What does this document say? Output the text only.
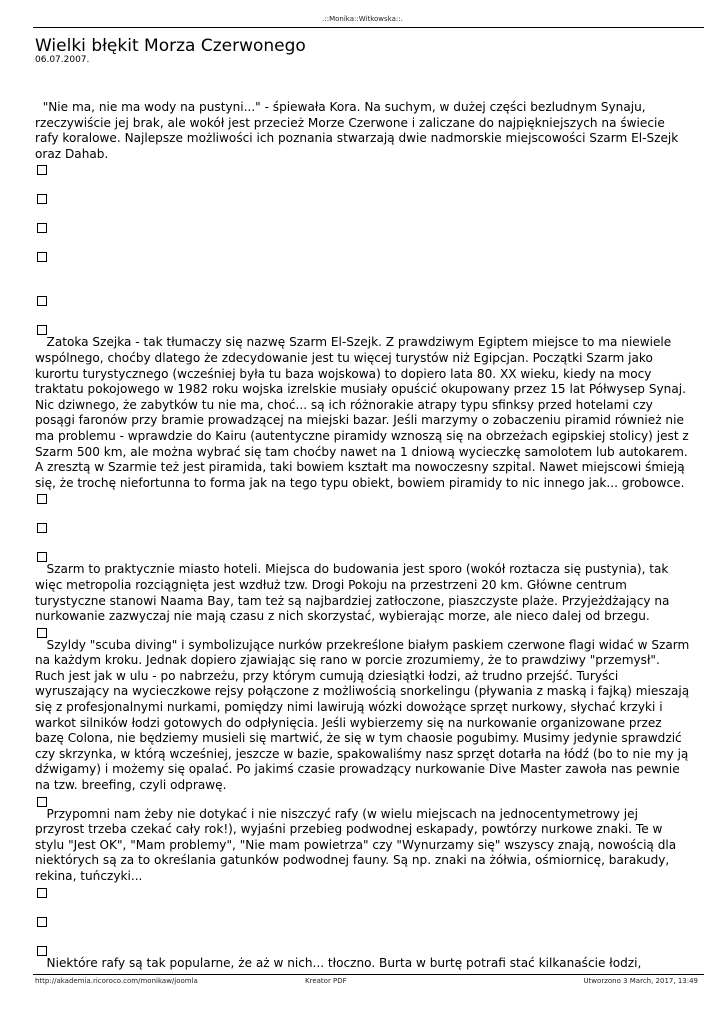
.::Monika::Witkowska::.
Wielki błękit Morza Czerwonego
06.07.2007.

"Nie ma, nie ma wody na pustyni..." - śpiewała Kora. Na suchym, w dużej części bezludnym Synaju, rzeczywiście jej brak, ale wokół jest przecież Morze Czerwone i zaliczane do najpiękniejszych na świecie rafy koralowe. Najlepsze możliwości ich poznania stwarzają dwie nadmorskie miejscowości Szarm El-Szejk oraz Dahab.

Zatoka Szejka - tak tłumaczy się nazwę Szarm El-Szejk. Z prawdziwym Egiptem miejsce to ma niewiele wspólnego, choćby dlatego że zdecydowanie jest tu więcej turystów niż Egipcjan. Początki Szarm jako kurortu turystycznego (wcześniej była tu baza wojskowa) to dopiero lata 80. XX wieku, kiedy na mocy traktatu pokojowego w 1982 roku wojska izrelskie musiały opuścić okupowany przez 15 lat Półwysep Synaj. Nic dziwnego, że zabytków tu nie ma, choć... są ich różnorakie atrapy typu sfinksy przed hotelami czy posągi faronów przy bramie prowadzącej na miejski bazar. Jeśli marzymy o zobaczeniu piramid również nie ma problemu - wprawdzie do Kairu (autentyczne piramidy wznoszą się na obrzeżach egipskiej stolicy) jest z Szarm 500 km, ale można wybrać się tam choćby nawet na 1 dniową wycieczkę samolotem lub autokarem. A zresztą w Szarmie też jest piramida, taki bowiem kształt ma nowoczesny szpital. Nawet miejscowi śmieją się, że trochę niefortunna to forma jak na tego typu obiekt, bowiem piramidy to nic innego jak... grobowce.

Szarm to praktycznie miasto hoteli. Miejsca do budowania jest sporo (wokół roztacza się pustynia), tak więc metropolia rozciągnięta jest wzdłuż tzw. Drogi Pokoju na przestrzeni 20 km. Główne centrum turystyczne stanowi Naama Bay, tam też są najbardziej zatłoczone, piaszczyste plaże. Przyjeżdżający na nurkowanie zazwyczaj nie mają czasu z nich skorzystać, wybierając morze, ale nieco dalej od brzegu.

Szyldy "scuba diving" i symbolizujące nurków przekreślone białym paskiem czerwone flagi widać w Szarm na każdym kroku. Jednak dopiero zjawiając się rano w porcie zrozumiemy, że to prawdziwy "przemysł". Ruch jest jak w ulu - po nabrzeżu, przy którym cumują dziesiątki łodzi, aż trudno przejść. Turyści wyruszający na wycieczkowe rejsy połączone z możliwością snorkelingu (pływania z maską i fajką) mieszają się z profesjonalnymi nurkami, pomiędzy nimi lawirują wózki dowożące sprzęt nurkowy, słychać krzyki i warkot silników łodzi gotowych do odpłynięcia. Jeśli wybierzemy się na nurkowanie organizowane przez bazę Colona, nie będziemy musieli się martwić, że się w tym chaosie pogubimy. Musimy jedynie sprawdzić czy skrzynka, w którą wcześniej, jeszcze w bazie, spakowaliśmy nasz sprzęt dotarła na łódź (bo to nie my ją dźwigamy) i możemy się opalać. Po jakimś czasie prowadzący nurkowanie Dive Master zawoła nas pewnie na tzw. breefing, czyli odprawę.

Przypomni nam żeby nie dotykać i nie niszczyć rafy (w wielu miejscach na jednocentymetrowy jej przyrost trzeba czekać cały rok!), wyjaśni przebieg podwodnej eskapady, powtórzy nurkowe znaki. Te w stylu "Jest OK", "Mam problemy", "Nie mam powietrza" czy "Wynurzamy się" wszyscy znają, nowością dla niektórych są za to określania gatunków podwodnej fauny. Są np. znaki na żółwia, ośmiornicę, barakudy, rekina, tuńczyki...

Niektóre rafy są tak popularne, że aż w nich... tłoczno. Burta w burtę potrafi stać kilkanaście łodzi,

http://akademia.ricoroco.com/monikaw/joomla	Kreator PDF	Utworzono 3 March, 2017, 13:49
